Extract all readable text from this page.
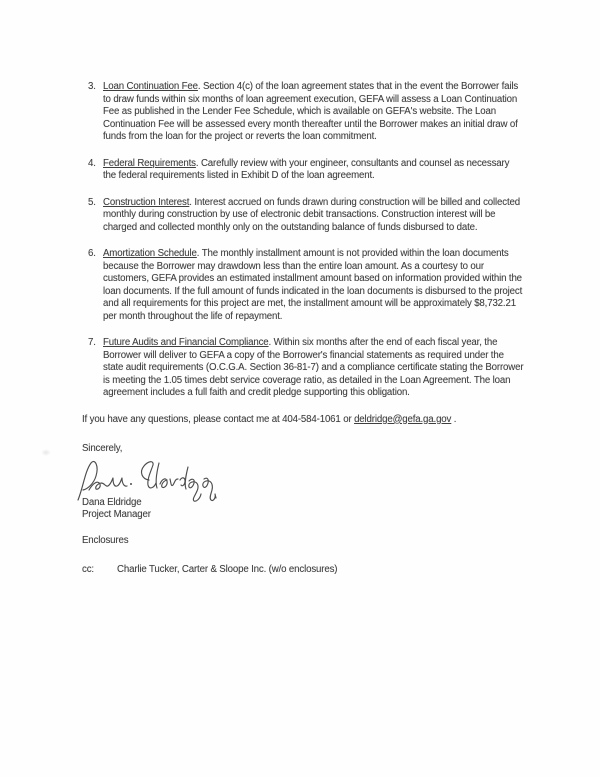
3. Loan Continuation Fee. Section 4(c) of the loan agreement states that in the event the Borrower fails to draw funds within six months of loan agreement execution, GEFA will assess a Loan Continuation Fee as published in the Lender Fee Schedule, which is available on GEFA's website. The Loan Continuation Fee will be assessed every month thereafter until the Borrower makes an initial draw of funds from the loan for the project or reverts the loan commitment.
4. Federal Requirements. Carefully review with your engineer, consultants and counsel as necessary the federal requirements listed in Exhibit D of the loan agreement.
5. Construction Interest. Interest accrued on funds drawn during construction will be billed and collected monthly during construction by use of electronic debit transactions. Construction interest will be charged and collected monthly only on the outstanding balance of funds disbursed to date.
6. Amortization Schedule. The monthly installment amount is not provided within the loan documents because the Borrower may drawdown less than the entire loan amount. As a courtesy to our customers, GEFA provides an estimated installment amount based on information provided within the loan documents. If the full amount of funds indicated in the loan documents is disbursed to the project and all requirements for this project are met, the installment amount will be approximately $8,732.21 per month throughout the life of repayment.
7. Future Audits and Financial Compliance. Within six months after the end of each fiscal year, the Borrower will deliver to GEFA a copy of the Borrower's financial statements as required under the state audit requirements (O.C.G.A. Section 36-81-7) and a compliance certificate stating the Borrower is meeting the 1.05 times debt service coverage ratio, as detailed in the Loan Agreement. The loan agreement includes a full faith and credit pledge supporting this obligation.
If you have any questions, please contact me at 404-584-1061 or deldridge@gefa.ga.gov .
Sincerely,
Dana Eldridge
Project Manager
Enclosures
cc:	Charlie Tucker, Carter & Sloope Inc. (w/o enclosures)
